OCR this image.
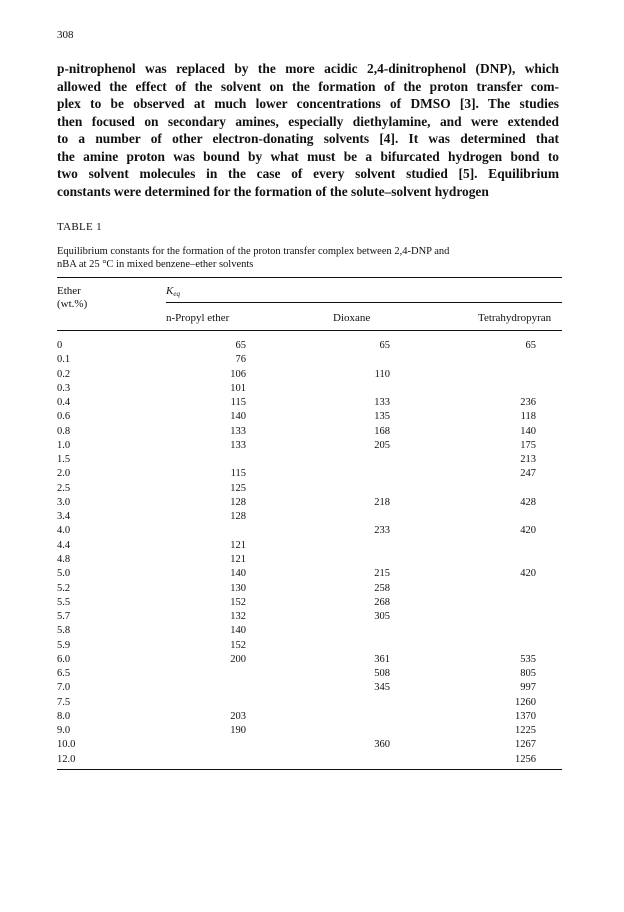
308
p-nitrophenol was replaced by the more acidic 2,4-dinitrophenol (DNP), which
allowed the effect of the solvent on the formation of the proton transfer com-
plex to be observed at much lower concentrations of DMSO [3]. The studies
then focused on secondary amines, especially diethylamine, and were extended
to a number of other electron-donating solvents [4]. It was determined that
the amine proton was bound by what must be a bifurcated hydrogen bond to
two solvent molecules in the case of every solvent studied [5]. Equilibrium
constants were determined for the formation of the solute–solvent hydrogen
TABLE 1
Equilibrium constants for the formation of the proton transfer complex between 2,4-DNP and
nBA at 25 °C in mixed benzene–ether solvents
Ether
(wt.%)
$K_{eq}$
n-Propyl ether	Dioxane	Tetrahydropyran
0	65	65	65
0.1	76		
0.2	106	110	
0.3	101		
0.4	115	133	236
0.6	140	135	118
0.8	133	168	140
1.0	133	205	175
1.5			213
2.0	115		247
2.5	125		
3.0	128	218	428
3.4	128		
4.0		233	420
4.4	121		
4.8	121		
5.0	140	215	420
5.2	130	258	
5.5	152	268	
5.7	132	305	
5.8	140		
5.9	152		
6.0	200	361	535
6.5		508	805
7.0		345	997
7.5			1260
8.0	203		1370
9.0	190		1225
10.0		360	1267
12.0			1256
